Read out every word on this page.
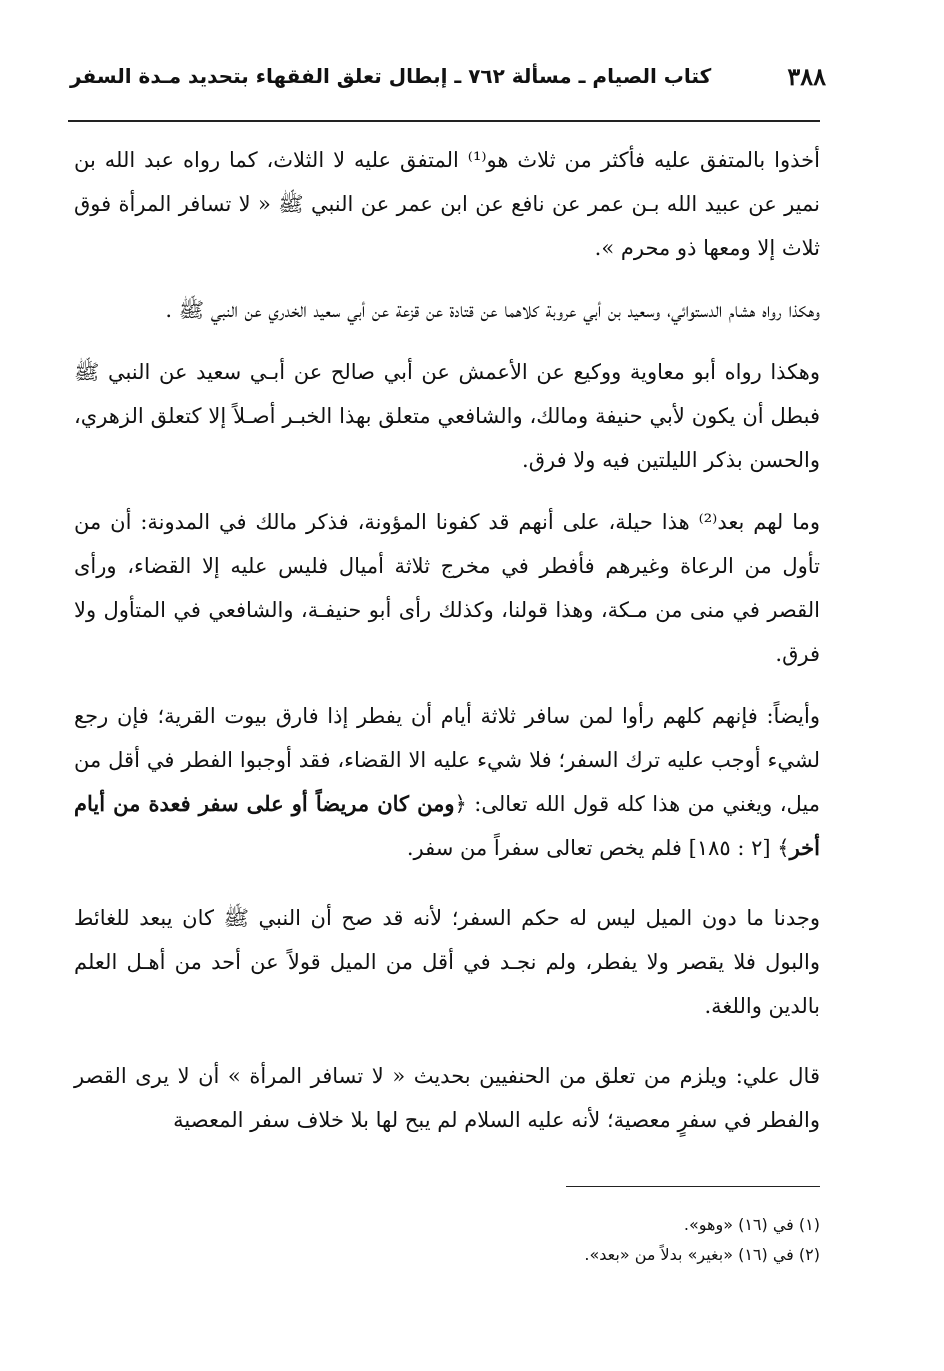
٣٨٨
كتاب الصيام ـ مسألة ٧٦٢ ـ إبطال تعلق الفقهاء بتحديد مـدة السفر

أخذوا بالمتفق عليه فأكثر من ثلاث هو⁽¹⁾ المتفق عليه لا الثلاث، كما رواه عبد الله بن نمير عن عبيد الله بـن عمر عن نافع عن ابن عمر عن النبي ﷺ « لا تسافر المرأة فوق ثلاث إلا ومعها ذو محرم ».

وهكذا رواه هشام الدستوائي، وسعيد بن أبي عروبة كلاهما عن قتادة عن قزعة عن أبي سعيد الخدري عن النبي ﷺ .

وهكذا رواه أبو معاوية ووكيع عن الأعمش عن أبي صالح عن أبـي سعيد عن النبي ﷺ فبطل أن يكون لأبي حنيفة ومالك، والشافعي متعلق بهذا الخبـر أصـلاً إلا كتعلق الزهري، والحسن بذكر الليلتين فيه ولا فرق.

وما لهم بعد⁽²⁾ هذا حيلة، على أنهم قد كفونا المؤونة، فذكر مالك في المدونة: أن من تأول من الرعاة وغيرهم فأفطر في مخرج ثلاثة أميال فليس عليه إلا القضاء، ورأى القصر في منى من مـكة، وهذا قولنا، وكذلك رأى أبو حنيفـة، والشافعي في المتأول ولا فرق.

وأيضاً: فإنهم كلهم رأوا لمن سافر ثلاثة أيام أن يفطر إذا فارق بيوت القرية؛ فإن رجع لشيء أوجب عليه ترك السفر؛ فلا شيء عليه الا القضاء، فقد أوجبوا الفطر في أقل من ميل، ويغني من هذا كله قول الله تعالى: ﴿ومن كان مريضاً أو على سفر فعدة من أيام أخر﴾ [٢ : ١٨٥] فلم يخص تعالى سفراً من سفر.

وجدنا ما دون الميل ليس له حكم السفر؛ لأنه قد صح أن النبي ﷺ كان يبعد للغائط والبول فلا يقصر ولا يفطر، ولم نجـد في أقل من الميل قولاً عن أحد من أهـل العلم بالدين واللغة.

قال علي: ويلزم من تعلق من الحنفيين بحديث « لا تسافر المرأة » أن لا يرى القصر والفطر في سفرٍ معصية؛ لأنه عليه السلام لم يبح لها بلا خلاف سفر المعصية

(١) في (١٦) «وهو».

(٢) في (١٦) «بغير» بدلاً من «بعد».
